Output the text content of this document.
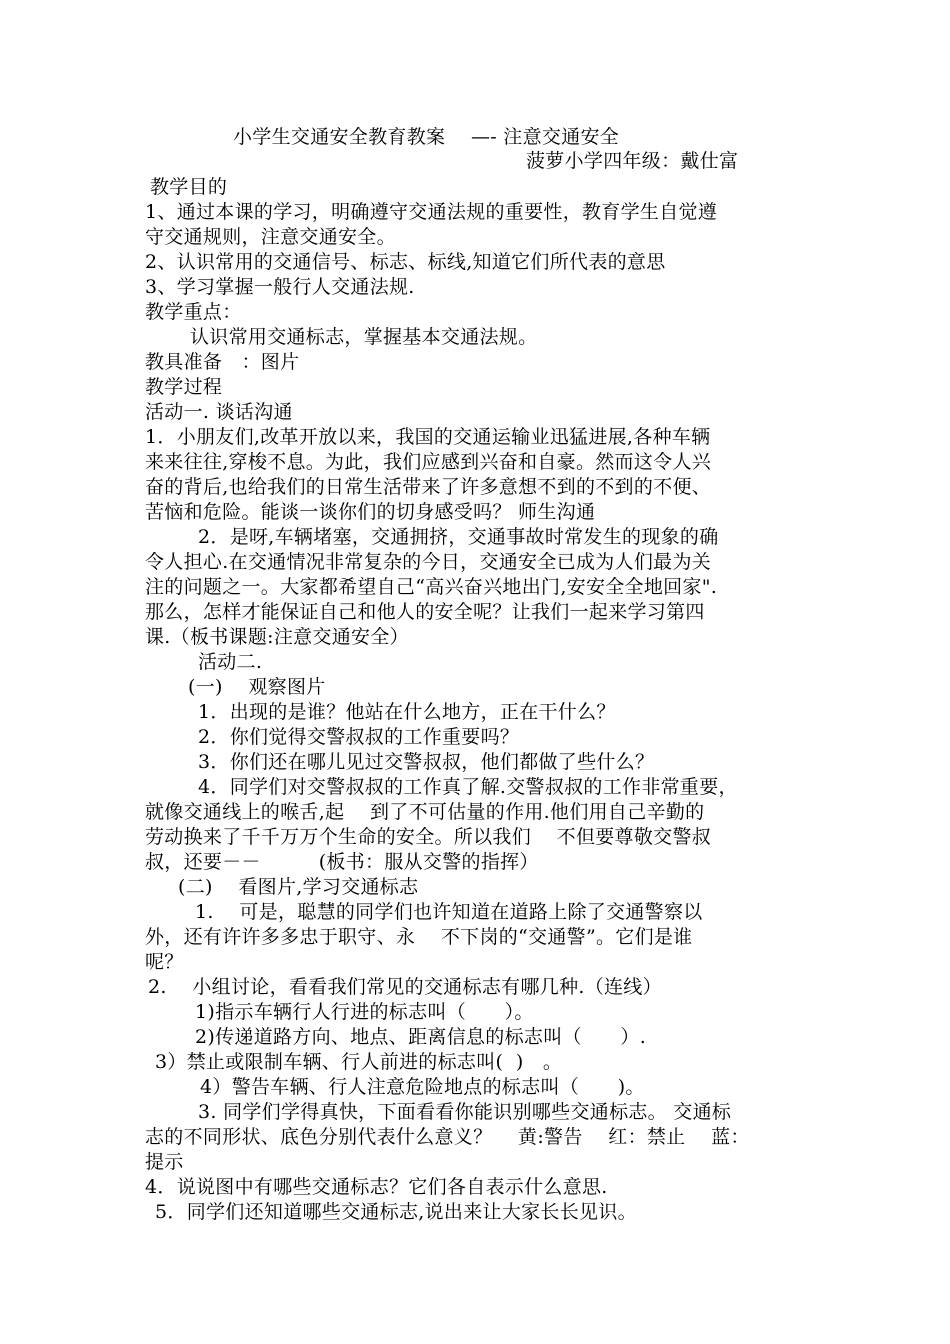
小学生交通安全教育教案　 —- 注意交通安全
菠萝小学四年级：戴仕富
教学目的
1、通过本课的学习，明确遵守交通法规的重要性，教育学生自觉遵
守交通规则，注意交通安全。
2、认识常用的交通信号、标志、标线,知道它们所代表的意思
3、学习掌握一般行人交通法规.
教学重点：
认识常用交通标志，掌握基本交通法规。
教具准备　：图片
教学过程
活动一. 谈话沟通
1．小朋友们,改革开放以来，我国的交通运输业迅猛进展,各种车辆
来来往往,穿梭不息。为此，我们应感到兴奋和自豪。然而这令人兴
奋的背后,也给我们的日常生活带来了许多意想不到的不到的不便、
苦恼和危险。能谈一谈你们的切身感受吗？ 师生沟通
2．是呀,车辆堵塞，交通拥挤，交通事故时常发生的现象的确
令人担心.在交通情况非常复杂的今日，交通安全已成为人们最为关
注的问题之一。大家都希望自己“高兴奋兴地出门,安安全全地回家".
那么，怎样才能保证自己和他人的安全呢？让我们一起来学习第四
课.（板书课题:注意交通安全）
活动二.
(一)　 观察图片
1．出现的是谁？他站在什么地方，正在干什么？
2．你们觉得交警叔叔的工作重要吗？
3．你们还在哪儿见过交警叔叔，他们都做了些什么？
4．同学们对交警叔叔的工作真了解.交警叔叔的工作非常重要，
就像交通线上的喉舌,起　 到了不可估量的作用.他们用自己辛勤的
劳动换来了千千万万个生命的安全。所以我们　 不但要尊敬交警叔
叔，还要－－　　　(板书：服从交警的指挥）
(二)　 看图片,学习交通标志
1.　 可是，聪慧的同学们也许知道在道路上除了交通警察以
外，还有许许多多忠于职守、永　 不下岗的“交通警”。它们是谁
呢？
2.　 小组讨论，看看我们常见的交通标志有哪几种.（连线）
1)指示车辆行人行进的标志叫（　　）。
2)传递道路方向、地点、距离信息的标志叫（　　）.
3）禁止或限制车辆、行人前进的标志叫(  )　。
4）警告车辆、行人注意危险地点的标志叫（　　)。
3. 同学们学得真快，下面看看你能识别哪些交通标志。 交通标
志的不同形状、底色分别代表什么意义？　 黄:警告　 红：禁止　 蓝：
提示
4．说说图中有哪些交通标志？它们各自表示什么意思.
5．同学们还知道哪些交通标志,说出来让大家长长见识。
